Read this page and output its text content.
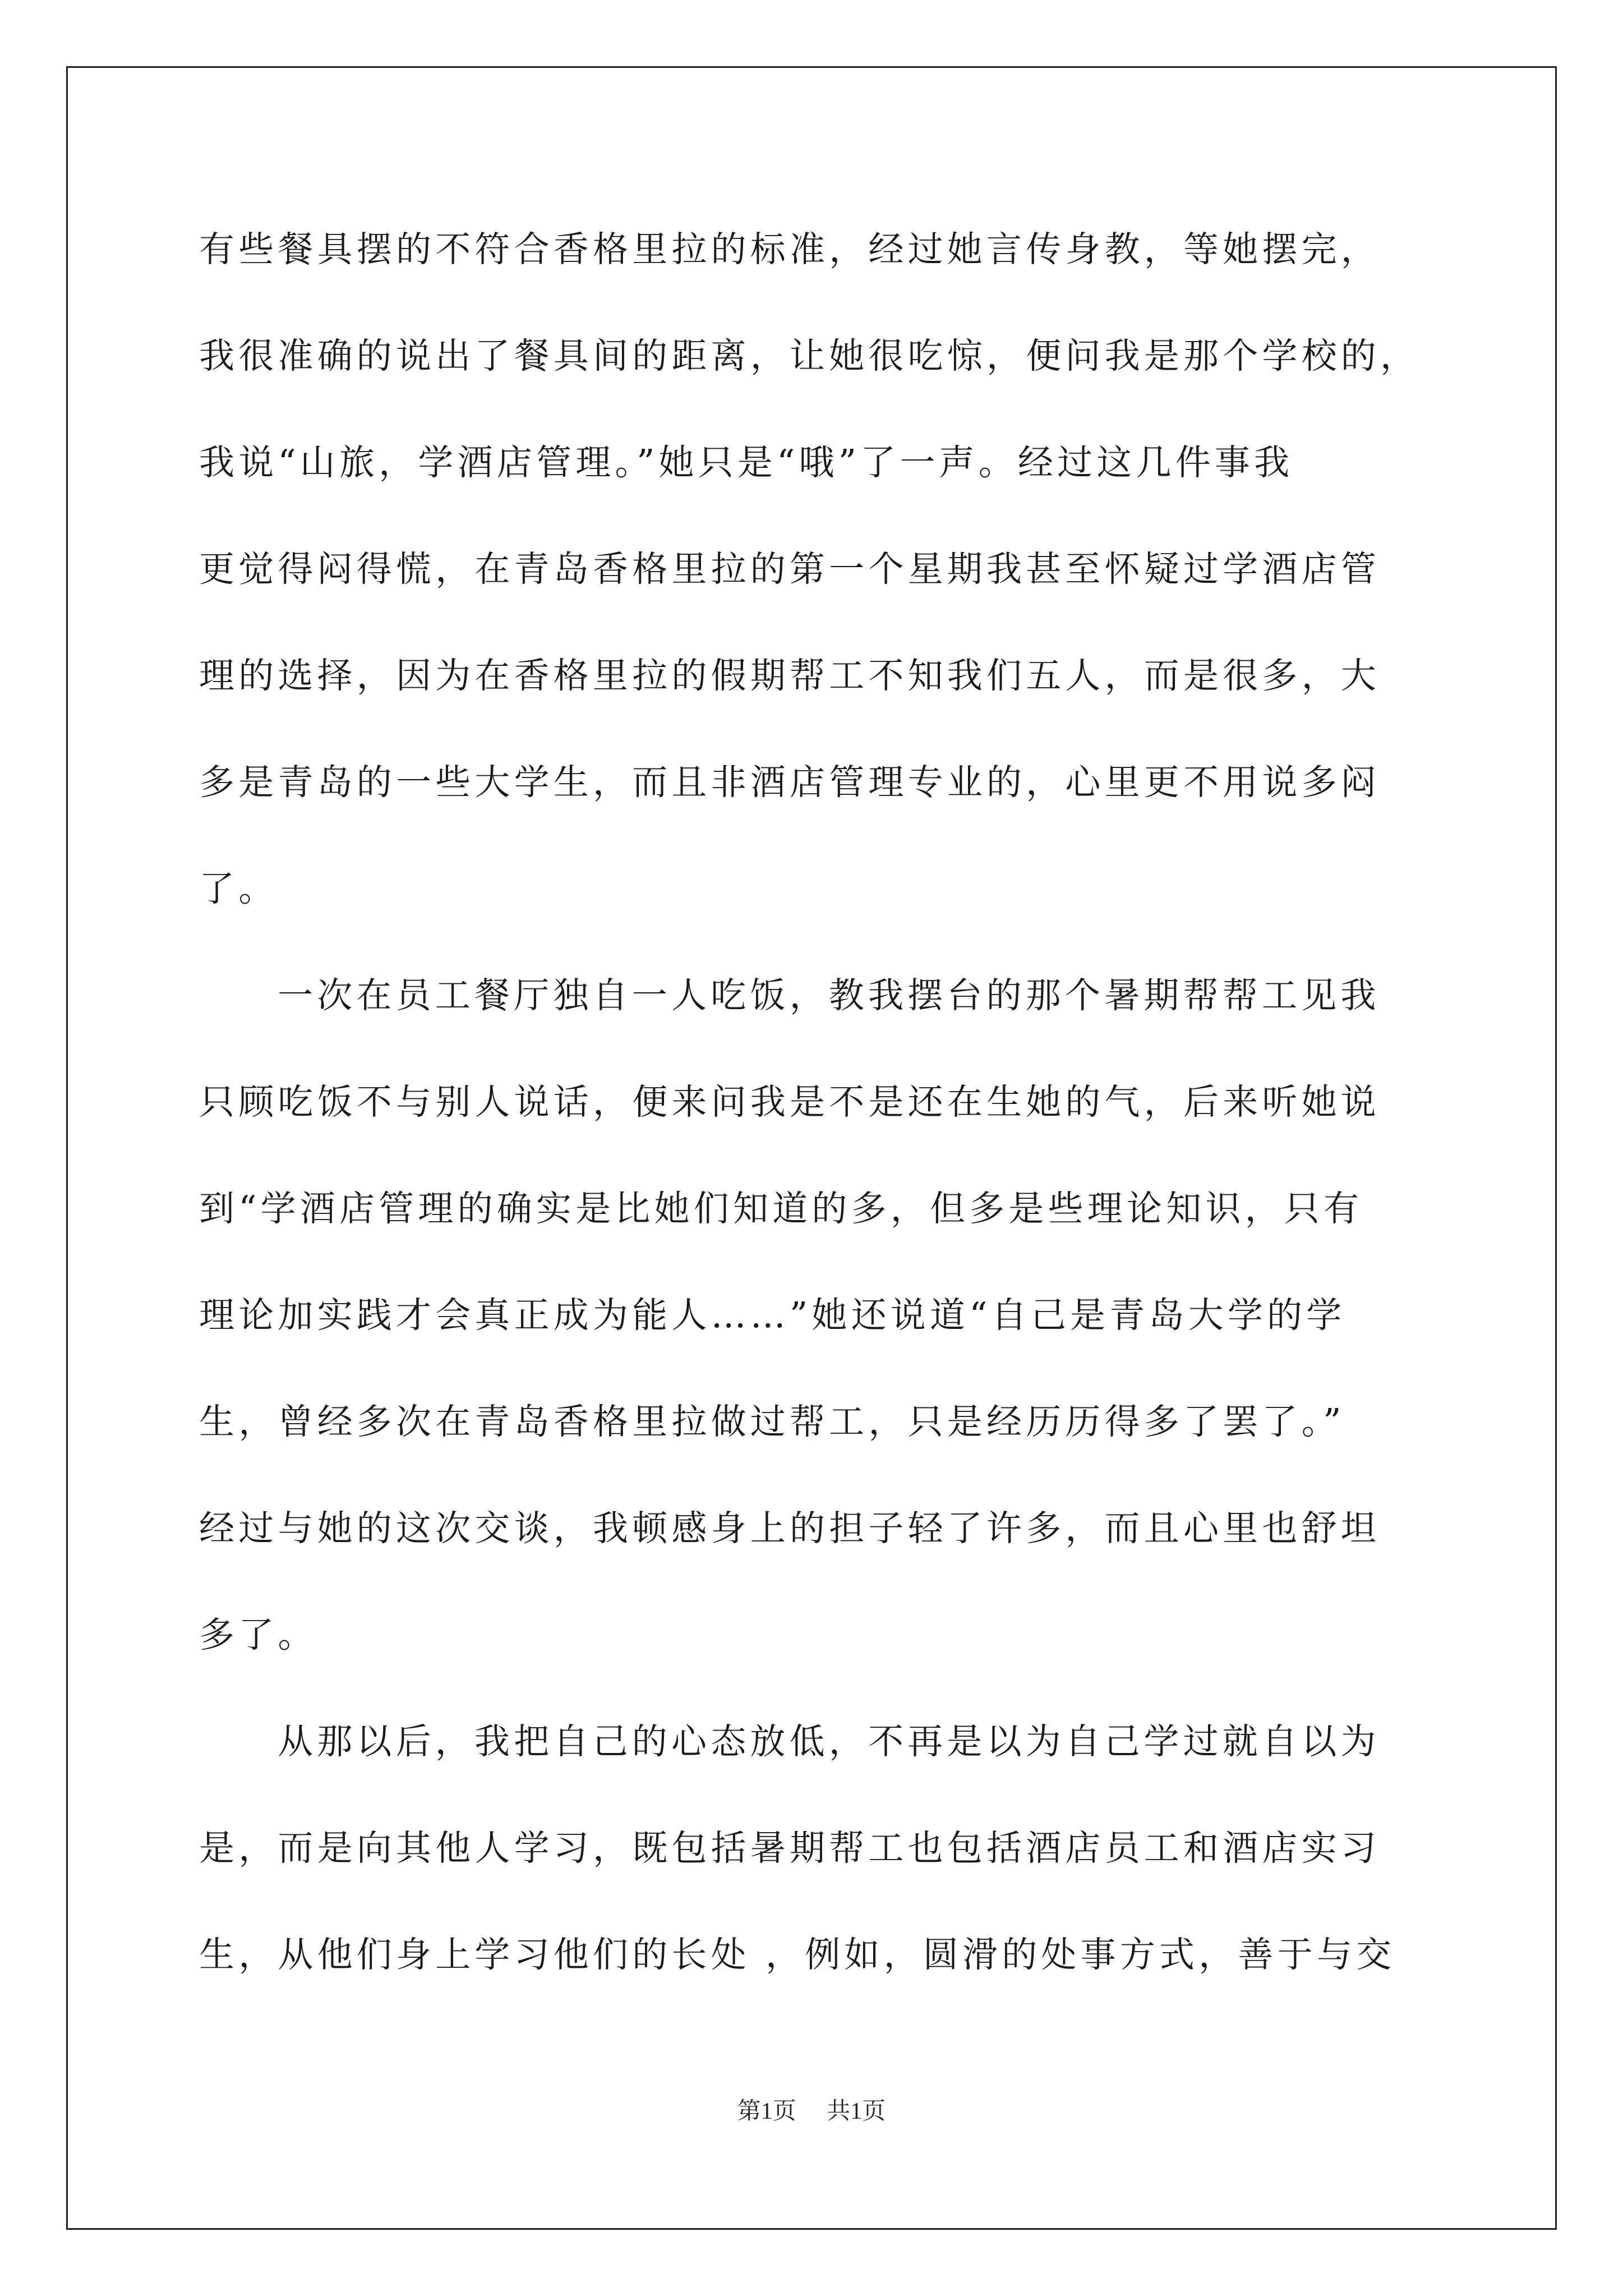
有些餐具摆的不符合香格里拉的标准，经过她言传身教，等她摆完，
我很准确的说出了餐具间的距离，让她很吃惊，便问我是那个学校的，
我说“山旅，学酒店管理。”她只是“哦”了一声。经过这几件事我
更觉得闷得慌，在青岛香格里拉的第一个星期我甚至怀疑过学酒店管
理的选择，因为在香格里拉的假期帮工不知我们五人，而是很多，大
多是青岛的一些大学生，而且非酒店管理专业的，心里更不用说多闷
了。
一次在员工餐厅独自一人吃饭，教我摆台的那个暑期帮帮工见我
只顾吃饭不与别人说话，便来问我是不是还在生她的气，后来听她说
到“学酒店管理的确实是比她们知道的多，但多是些理论知识，只有
理论加实践才会真正成为能人……”她还说道“自己是青岛大学的学
生，曾经多次在青岛香格里拉做过帮工，只是经历历得多了罢了。”
经过与她的这次交谈，我顿感身上的担子轻了许多，而且心里也舒坦
多了。
从那以后，我把自己的心态放低，不再是以为自己学过就自以为
是，而是向其他人学习，既包括暑期帮工也包括酒店员工和酒店实习
生，从他们身上学习他们的长处 ，例如，圆滑的处事方式，善于与交
第1页 共1页
